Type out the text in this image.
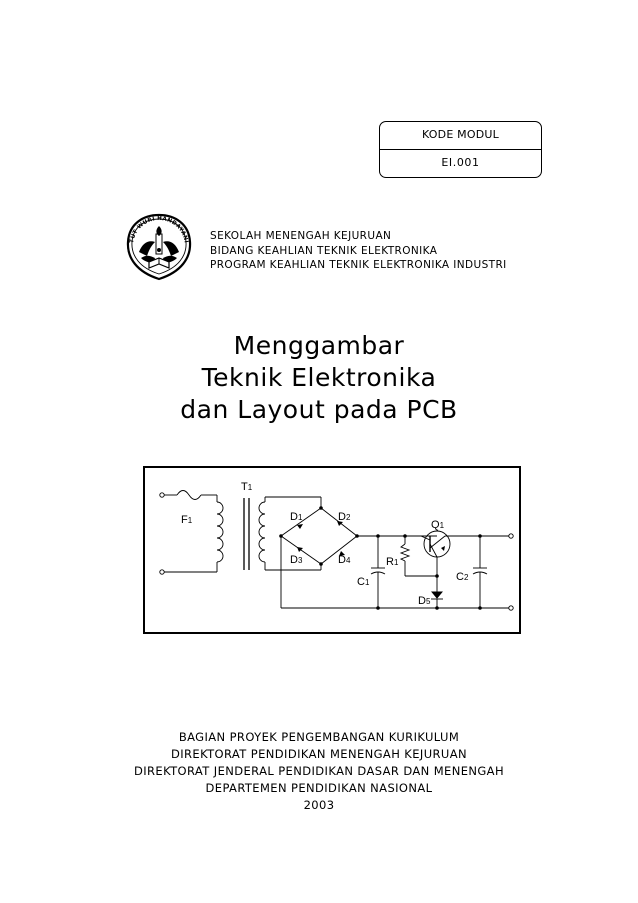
KODE MODUL
EI.001
TUT WURI HANDAYANI SEKOLAH MENENGAH KEJURUAN
BIDANG KEAHLIAN TEKNIK ELEKTRONIKA
PROGRAM KEAHLIAN TEKNIK ELEKTRONIKA INDUSTRI
Menggambar
Teknik Elektronika
dan Layout pada PCB
T1
F1	D1	D2
D3	D4
Q1
R1
C1	C2
D5
BAGIAN PROYEK PENGEMBANGAN KURIKULUM
DIREKTORAT PENDIDIKAN MENENGAH KEJURUAN
DIREKTORAT JENDERAL PENDIDIKAN DASAR DAN MENENGAH
DEPARTEMEN PENDIDIKAN NASIONAL
2003
